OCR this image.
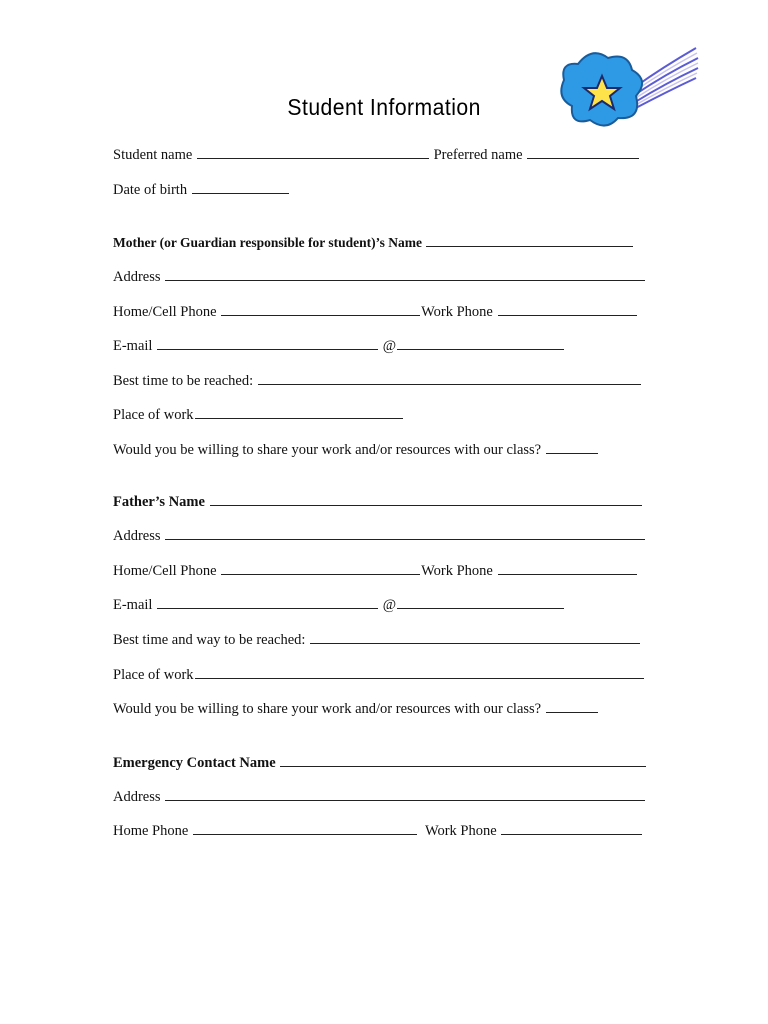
Student Information
Student name	Preferred name
Date of birth
Mother (or Guardian responsible for student)’s Name
Address
Home/Cell Phone	Work Phone
E-mail	@
Best time to be reached:
Place of work
Would you be willing to share your work and/or resources with our class?
Father’s Name
Address
Home/Cell Phone	Work Phone
E-mail	@
Best time and way to be reached:
Place of work
Would you be willing to share your work and/or resources with our class?
Emergency Contact Name
Address
Home Phone	Work Phone
